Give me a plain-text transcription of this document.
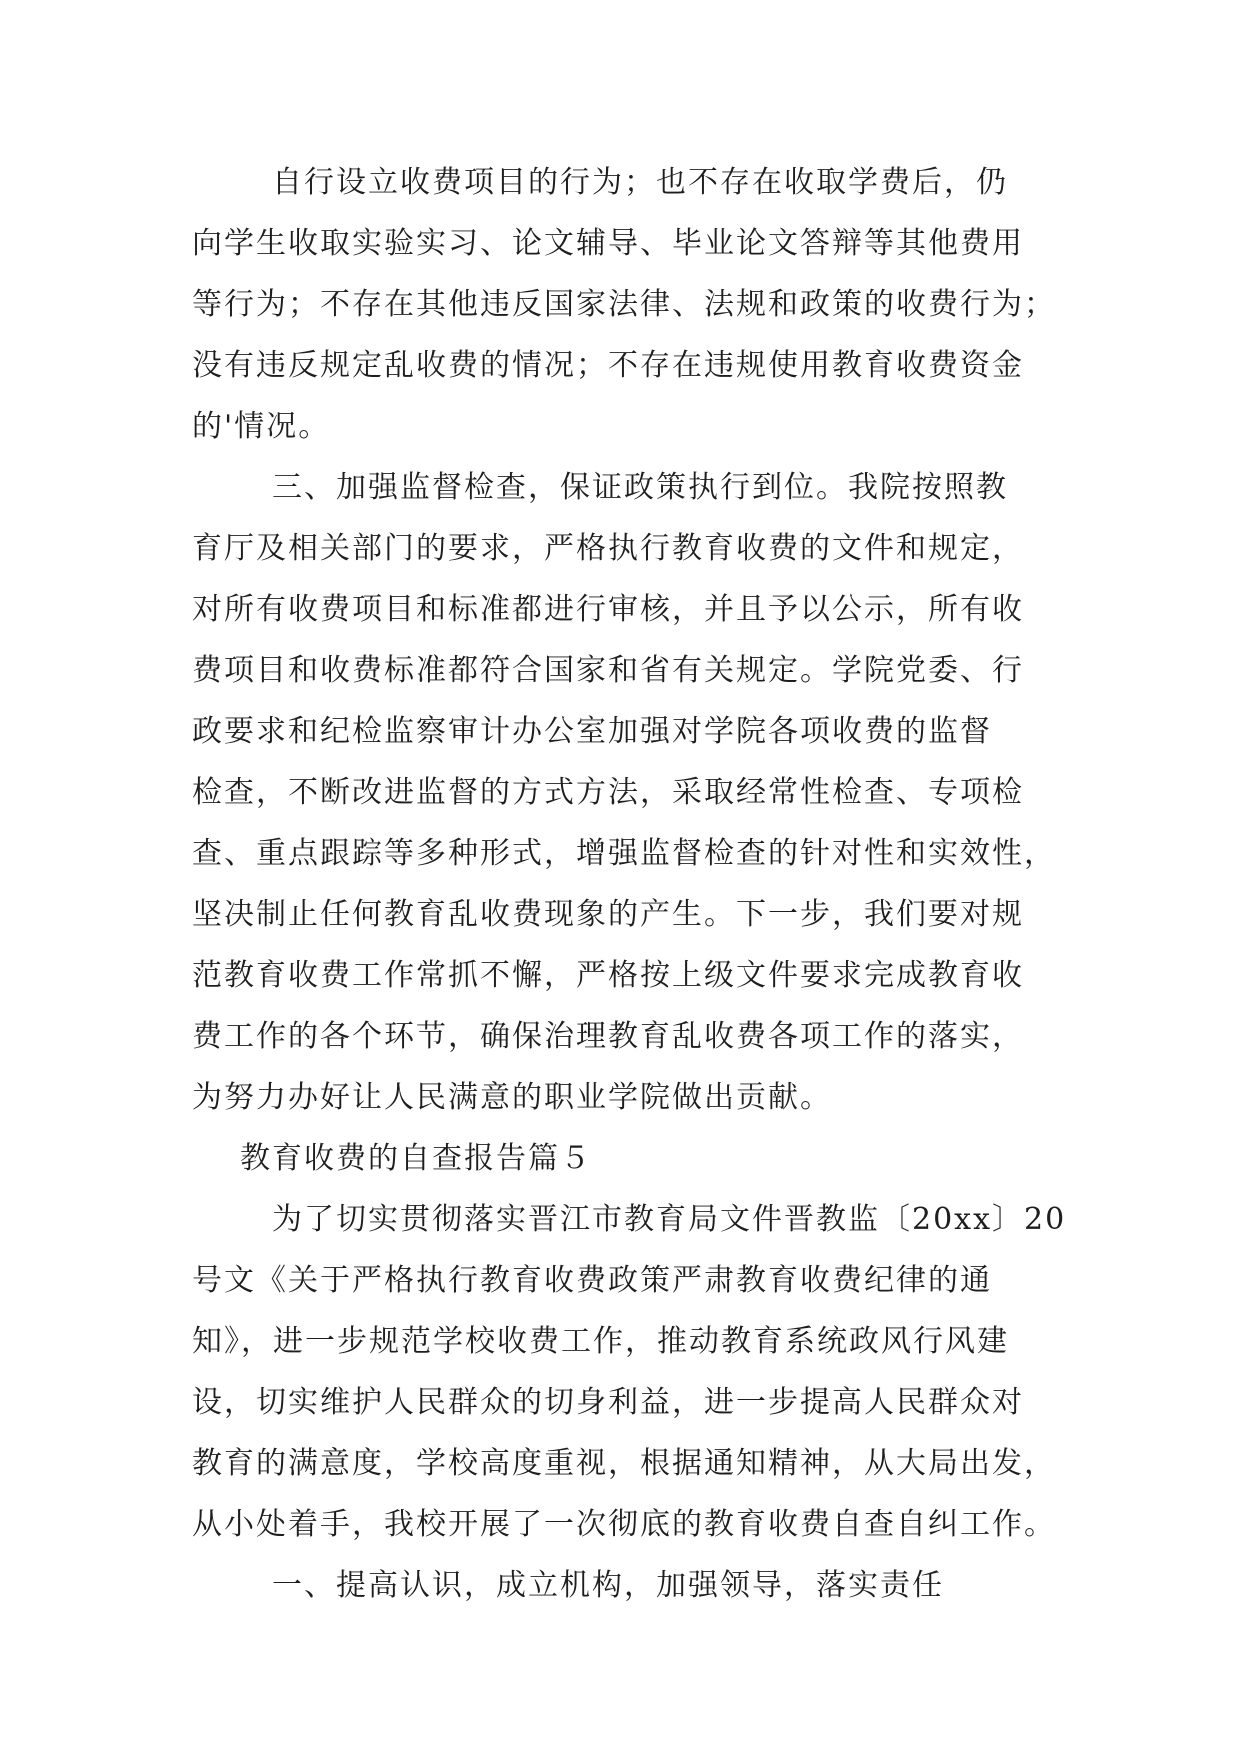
自行设立收费项目的行为；也不存在收取学费后，仍
向学生收取实验实习、论文辅导、毕业论文答辩等其他费用
等行为；不存在其他违反国家法律、法规和政策的收费行为；
没有违反规定乱收费的情况；不存在违规使用教育收费资金
的'情况。
三、加强监督检查，保证政策执行到位。我院按照教
育厅及相关部门的要求，严格执行教育收费的文件和规定，
对所有收费项目和标准都进行审核，并且予以公示，所有收
费项目和收费标准都符合国家和省有关规定。学院党委、行
政要求和纪检监察审计办公室加强对学院各项收费的监督
检查，不断改进监督的方式方法，采取经常性检查、专项检
查、重点跟踪等多种形式，增强监督检查的针对性和实效性，
坚决制止任何教育乱收费现象的产生。下一步，我们要对规
范教育收费工作常抓不懈，严格按上级文件要求完成教育收
费工作的各个环节，确保治理教育乱收费各项工作的落实，
为努力办好让人民满意的职业学院做出贡献。
教育收费的自查报告篇５
为了切实贯彻落实晋江市教育局文件晋教监〔20xx〕20
号文《关于严格执行教育收费政策严肃教育收费纪律的通
知》，进一步规范学校收费工作，推动教育系统政风行风建
设，切实维护人民群众的切身利益，进一步提高人民群众对
教育的满意度，学校高度重视，根据通知精神，从大局出发，
从小处着手，我校开展了一次彻底的教育收费自查自纠工作。
一、提高认识，成立机构，加强领导，落实责任
